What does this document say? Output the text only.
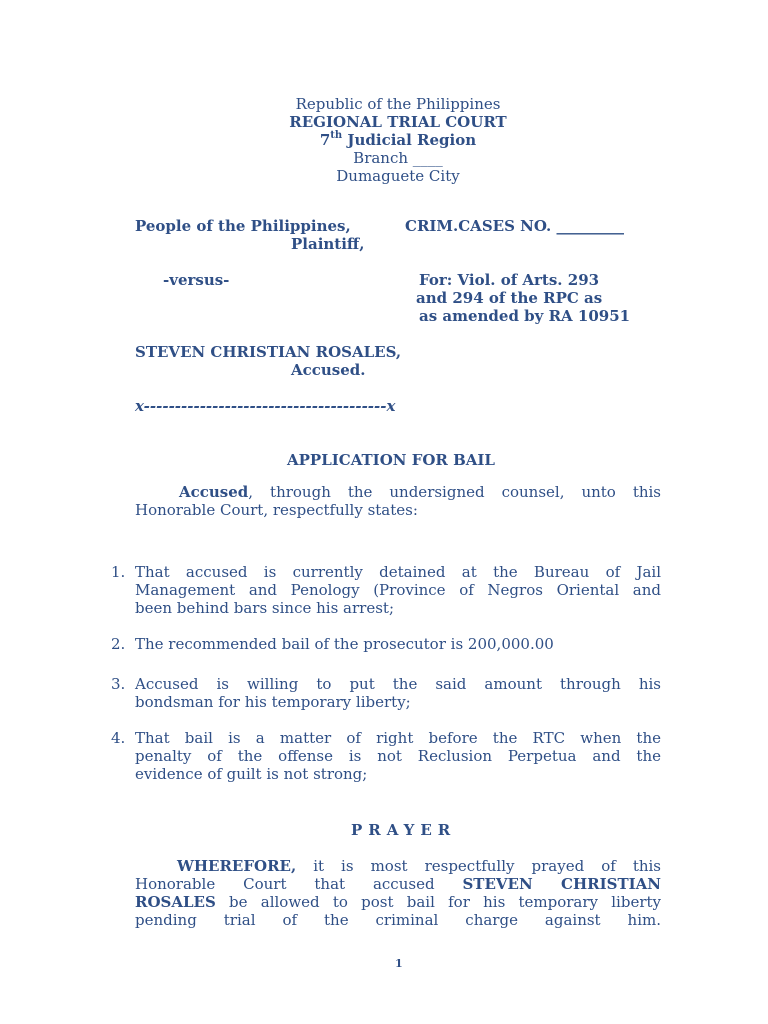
Republic of the Philippines
REGIONAL TRIAL COURT
7th Judicial Region
Branch ____
Dumaguete City
People of the Philippines,
Plaintiff,
CRIM.CASES NO. _________
-versus-	For: Viol. of Arts. 293
and 294 of the RPC as
as amended by RA 10951
STEVEN CHRISTIAN ROSALES,
Accused.
x---------------------------------------x
APPLICATION FOR BAIL
Accused, through the undersigned counsel, unto this
Honorable Court, respectfully states:
1. That accused is currently detained at the Bureau of Jail
Management and Penology (Province of Negros Oriental and
been behind bars since his arrest;
2. The recommended bail of the prosecutor is 200,000.00
3. Accused is willing to put the said amount through his
bondsman for his temporary liberty;
4. That bail is a matter of right before the RTC when the
penalty of the offense is not Reclusion Perpetua and the
evidence of guilt is not strong;
PRAYER
WHEREFORE, it is most respectfully prayed of this
Honorable Court that accused STEVEN CHRISTIAN
ROSALES be allowed to post bail for his temporary liberty
pending trial of the criminal charge against him.
1
